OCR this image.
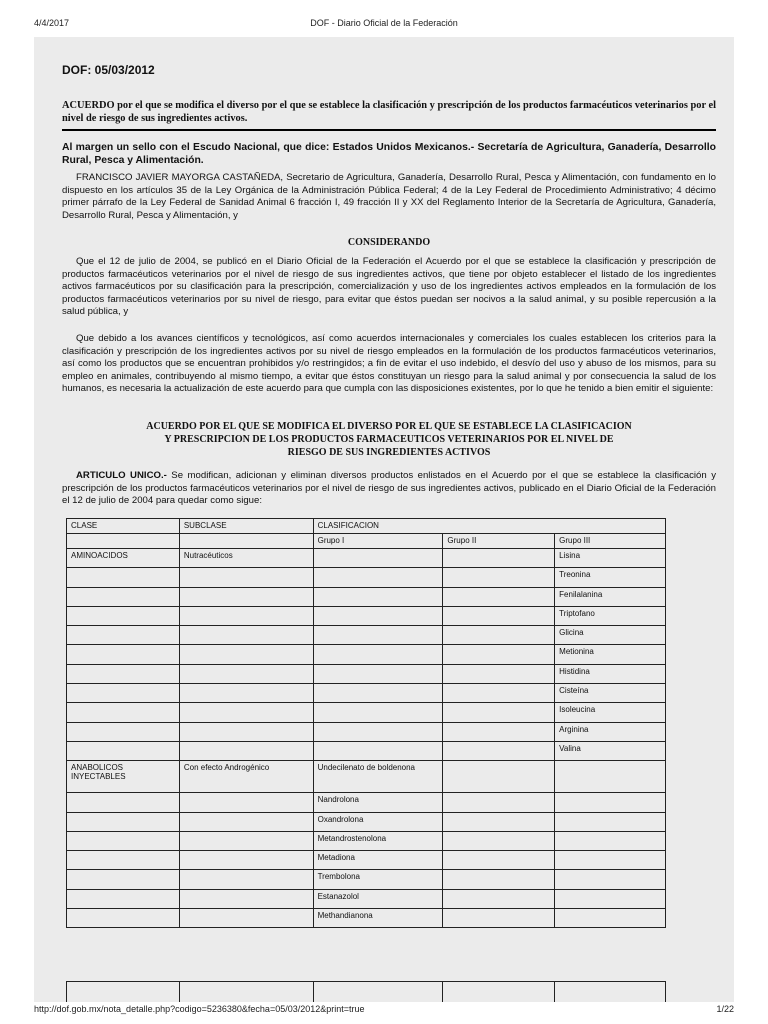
4/4/2017	DOF - Diario Oficial de la Federación
DOF: 05/03/2012
ACUERDO por el que se modifica el diverso por el que se establece la clasificación y prescripción de los productos farmacéuticos veterinarios por el nivel de riesgo de sus ingredientes activos.
Al margen un sello con el Escudo Nacional, que dice: Estados Unidos Mexicanos.- Secretaría de Agricultura, Ganadería, Desarrollo Rural, Pesca y Alimentación.

FRANCISCO JAVIER MAYORGA CASTAÑEDA, Secretario de Agricultura, Ganadería, Desarrollo Rural, Pesca y Alimentación, con fundamento en lo dispuesto en los artículos 35 de la Ley Orgánica de la Administración Pública Federal; 4 de la Ley Federal de Procedimiento Administrativo; 4 décimo primer párrafo de la Ley Federal de Sanidad Animal 6 fracción I, 49 fracción II y XX del Reglamento Interior de la Secretaría de Agricultura, Ganadería, Desarrollo Rural, Pesca y Alimentación, y

CONSIDERANDO

Que el 12 de julio de 2004, se publicó en el Diario Oficial de la Federación el Acuerdo por el que se establece la clasificación y prescripción de productos farmacéuticos veterinarios por el nivel de riesgo de sus ingredientes activos, que tiene por objeto establecer el listado de los ingredientes activos farmacéuticos por su clasificación para la prescripción, comercialización y uso de los ingredientes activos empleados en la formulación de los productos farmacéuticos veterinarios por su nivel de riesgo, para evitar que éstos puedan ser nocivos a la salud animal, y su posible repercusión a la salud pública, y

Que debido a los avances científicos y tecnológicos, así como acuerdos internacionales y comerciales los cuales establecen los criterios para la clasificación y prescripción de los ingredientes activos por su nivel de riesgo empleados en la formulación de los productos farmacéuticos veterinarios, así como los productos que se encuentran prohibidos y/o restringidos; a fin de evitar el uso indebido, el desvío del uso y abuso de los mismos, para su empleo en animales, contribuyendo al mismo tiempo, a evitar que éstos constituyan un riesgo para la salud animal y por consecuencia la salud de los humanos, es necesaria la actualización de este acuerdo para que cumpla con las disposiciones existentes, por lo que he tenido a bien emitir el siguiente:

ACUERDO POR EL QUE SE MODIFICA EL DIVERSO POR EL QUE SE ESTABLECE LA CLASIFICACION
Y PRESCRIPCION DE LOS PRODUCTOS FARMACEUTICOS VETERINARIOS POR EL NIVEL DE
RIESGO DE SUS INGREDIENTES ACTIVOS

ARTICULO UNICO.- Se modifican, adicionan y eliminan diversos productos enlistados en el Acuerdo por el que se establece la clasificación y prescripción de los productos farmacéuticos veterinarios por el nivel de riesgo de sus ingredientes activos, publicado en el Diario Oficial de la Federación el 12 de julio de 2004 para quedar como sigue:

CLASE	SUBCLASE	CLASIFICACION		
		Grupo I	Grupo II	Grupo III
AMINOACIDOS	Nutracéuticos			Lisina
				Treonina
				Fenilalanina
				Triptofano
				Glicina
				Metionina
				Histidina
				Cisteína
				Isoleucina
				Arginina
				Valina
ANABOLICOS INYECTABLES	Con efecto Androgénico	Undecilenato de boldenona		
		Nandrolona		
		Oxandrolona		
		Metandrostenolona		
		Metadiona		
		Trembolona		
		Estanazolol		
		Methandianona		

http://dof.gob.mx/nota_detalle.php?codigo=5236380&fecha=05/03/2012&print=true	1/22
